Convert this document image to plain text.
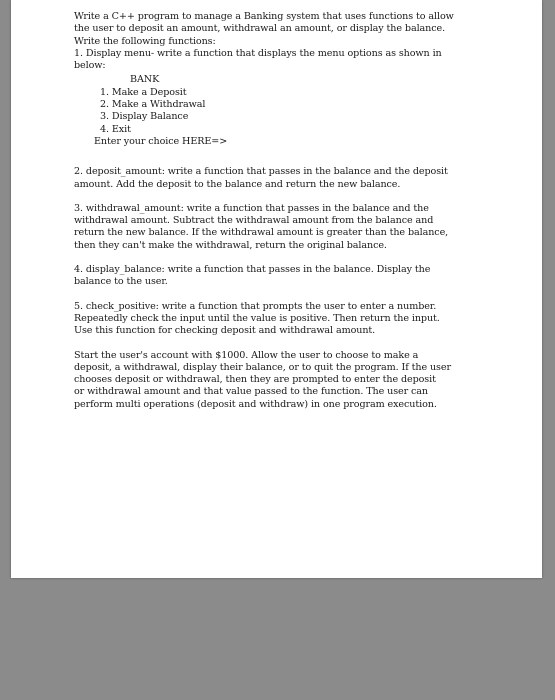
Write a C++ program to manage a Banking system that uses functions to allow
the user to deposit an amount, withdrawal an amount, or display the balance.
Write the following functions:
1. Display menu- write a function that displays the menu options as shown in
below:

BANK
1. Make a Deposit
2. Make a Withdrawal
3. Display Balance
4. Exit
Enter your choice HERE=>

2. deposit_amount: write a function that passes in the balance and the deposit
amount. Add the deposit to the balance and return the new balance.

3. withdrawal_amount: write a function that passes in the balance and the
withdrawal amount. Subtract the withdrawal amount from the balance and
return the new balance. If the withdrawal amount is greater than the balance,
then they can't make the withdrawal, return the original balance.

4. display_balance: write a function that passes in the balance. Display the
balance to the user.

5. check_positive: write a function that prompts the user to enter a number.
Repeatedly check the input until the value is positive. Then return the input.
Use this function for checking deposit and withdrawal amount.

Start the user's account with $1000. Allow the user to choose to make a
deposit, a withdrawal, display their balance, or to quit the program. If the user
chooses deposit or withdrawal, then they are prompted to enter the deposit
or withdrawal amount and that value passed to the function. The user can
perform multi operations (deposit and withdraw) in one program execution.
